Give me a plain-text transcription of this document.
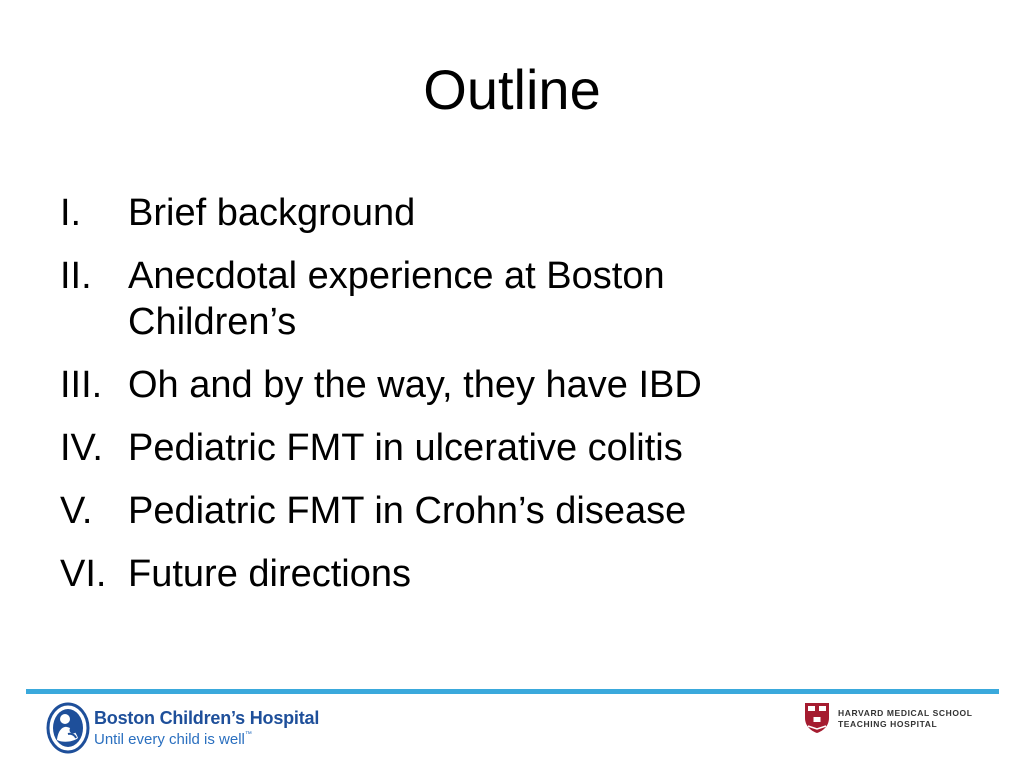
Outline
I.	Brief background
II. Anecdotal experience at Boston Children’s
III. Oh and by the way, they have IBD
IV. Pediatric FMT in ulcerative colitis
V. Pediatric FMT in Crohn’s disease
VI. Future directions
Boston Children’s Hospital
Until every child is well™
HARVARD MEDICAL SCHOOL
TEACHING HOSPITAL
